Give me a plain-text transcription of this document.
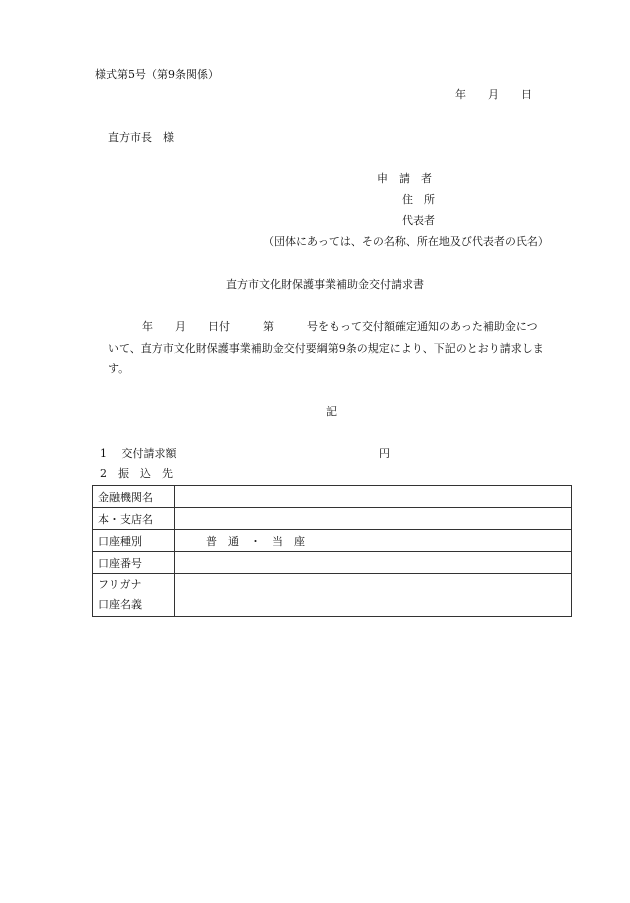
様式第5号（第9条関係）
年　　月　　日
直方市長　様
申　請　者
住　所
代表者
（団体にあっては、その名称、所在地及び代表者の氏名）
直方市文化財保護事業補助金交付請求書
年　　月　　日付　　　第　　　号をもって交付額確定通知のあった補助金につ
いて、直方市文化財保護事業補助金交付要綱第9条の規定により、下記のとおり請求しま
す。
記
1　 交付請求額	円
2　振　込　先
金融機関名	
本・支店名	
口座種別	普　通　・　当　座
口座番号	

フリガナ
口座名義	
